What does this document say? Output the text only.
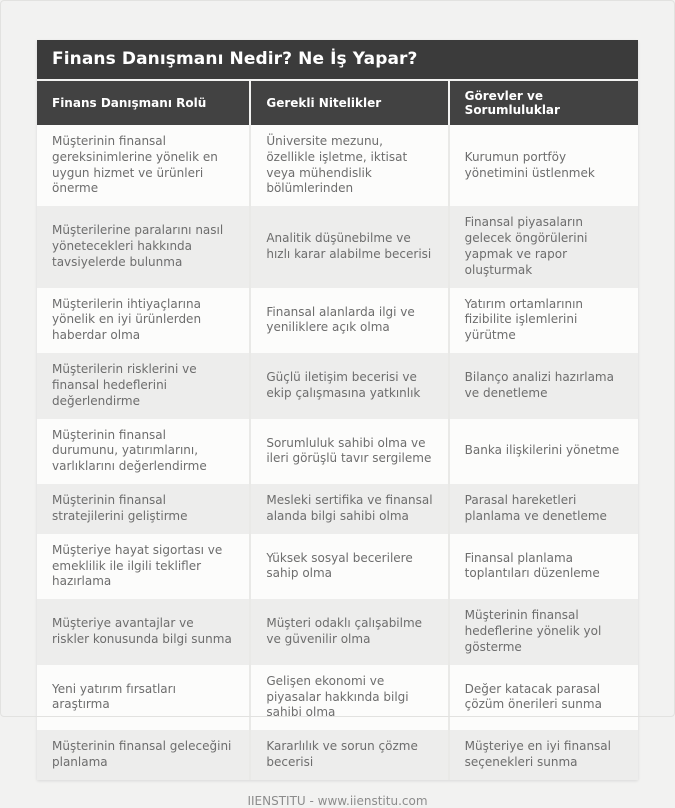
Finans Danışmanı Nedir? Ne İş Yapar?
Finans Danışmanı Rolü	Gerekli Nitelikler	Görevler ve Sorumluluklar
Müşterinin finansal gereksinimlerine yönelik en uygun hizmet ve ürünleri önerme	Üniversite mezunu, özellikle işletme, iktisat veya mühendislik bölümlerinden	Kurumun portföy yönetimini üstlenmek
Müşterilerine paralarını nasıl yönetecekleri hakkında tavsiyelerde bulunma	Analitik düşünebilme ve hızlı karar alabilme becerisi	Finansal piyasaların gelecek öngörülerini yapmak ve rapor oluşturmak
Müşterilerin ihtiyaçlarına yönelik en iyi ürünlerden haberdar olma	Finansal alanlarda ilgi ve yeniliklere açık olma	Yatırım ortamlarının fizibilite işlemlerini yürütme
Müşterilerin risklerini ve finansal hedeflerini değerlendirme	Güçlü iletişim becerisi ve ekip çalışmasına yatkınlık	Bilanço analizi hazırlama ve denetleme
Müşterinin finansal durumunu, yatırımlarını, varlıklarını değerlendirme	Sorumluluk sahibi olma ve ileri görüşlü tavır sergileme	Banka ilişkilerini yönetme
Müşterinin finansal stratejilerini geliştirme	Mesleki sertifika ve finansal alanda bilgi sahibi olma	Parasal hareketleri planlama ve denetleme
Müşteriye hayat sigortası ve emeklilik ile ilgili teklifler hazırlama	Yüksek sosyal becerilere sahip olma	Finansal planlama toplantıları düzenleme
Müşteriye avantajlar ve riskler konusunda bilgi sunma	Müşteri odaklı çalışabilme ve güvenilir olma	Müşterinin finansal hedeflerine yönelik yol gösterme
Yeni yatırım fırsatları araştırma	Gelişen ekonomi ve piyasalar hakkında bilgi sahibi olma	Değer katacak parasal çözüm önerileri sunma
Müşterinin finansal geleceğini planlama	Kararlılık ve sorun çözme becerisi	Müşteriye en iyi finansal seçenekleri sunma
IIENSTITU - www.iienstitu.com
